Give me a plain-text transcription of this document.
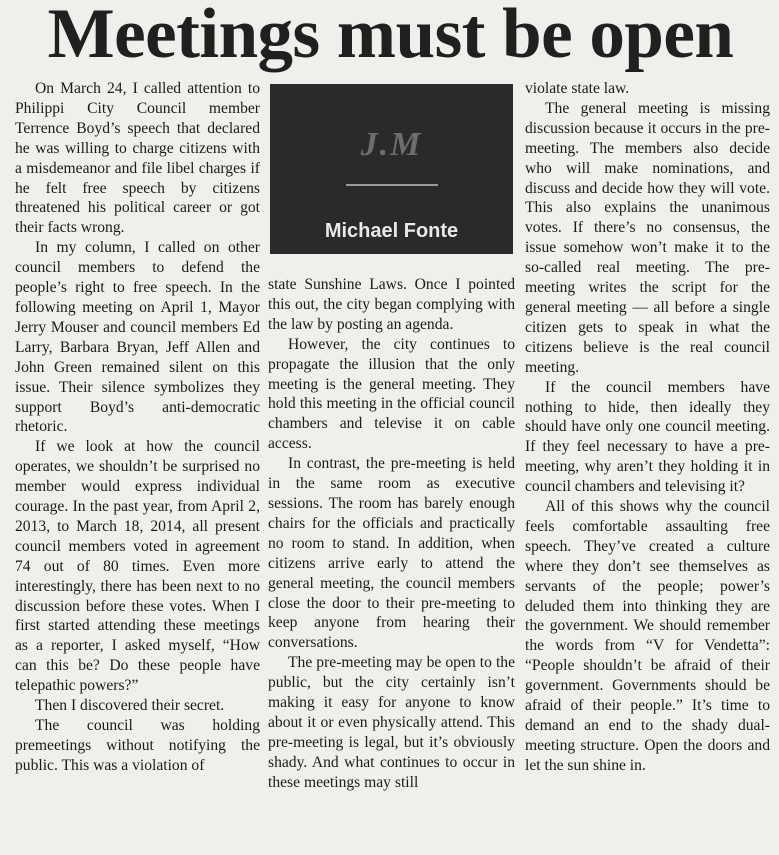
Meetings must be open
J.M
Michael Fonte

On March 24, I called attention to Philippi City Council member Terrence Boyd’s speech that declared he was willing to charge citizens with a misdemeanor and file libel charges if he felt free speech by citizens threatened his political career or got their facts wrong.

In my column, I called on other council members to defend the people’s right to free speech. In the following meeting on April 1, Mayor Jerry Mouser and council members Ed Larry, Barbara Bryan, Jeff Allen and John Green remained silent on this issue. Their silence symbolizes they support Boyd’s anti-democratic rhetoric.

If we look at how the council operates, we shouldn’t be surprised no member would express individual courage. In the past year, from April 2, 2013, to March 18, 2014, all present council members voted in agreement 74 out of 80 times. Even more interestingly, there has been next to no discussion before these votes. When I first started attending these meetings as a reporter, I asked myself, “How can this be? Do these people have telepathic powers?”

Then I discovered their secret.

The council was holding premeetings without notifying the public. This was a violation of

state Sunshine Laws. Once I pointed this out, the city began complying with the law by posting an agenda.

However, the city continues to propagate the illusion that the only meeting is the general meeting. They hold this meeting in the official council chambers and televise it on cable access.

In contrast, the pre-meeting is held in the same room as executive sessions. The room has barely enough chairs for the officials and practically no room to stand. In addition, when citizens arrive early to attend the general meeting, the council members close the door to their pre-meeting to keep anyone from hearing their conversations.

The pre-meeting may be open to the public, but the city certainly isn’t making it easy for anyone to know about it or even physically attend. This pre-meeting is legal, but it’s obviously shady. And what continues to occur in these meetings may still

violate state law.

The general meeting is missing discussion because it occurs in the pre-meeting. The members also decide who will make nominations, and discuss and decide how they will vote. This also explains the unanimous votes. If there’s no consensus, the issue somehow won’t make it to the so-called real meeting. The pre-meeting writes the script for the general meeting — all before a single citizen gets to speak in what the citizens believe is the real council meeting.

If the council members have nothing to hide, then ideally they should have only one council meeting. If they feel necessary to have a pre-meeting, why aren’t they holding it in council chambers and televising it?

All of this shows why the council feels comfortable assaulting free speech. They’ve created a culture where they don’t see themselves as servants of the people; power’s deluded them into thinking they are the government. We should remember the words from “V for Vendetta”: “People shouldn’t be afraid of their government. Governments should be afraid of their people.” It’s time to demand an end to the shady dual-meeting structure. Open the doors and let the sun shine in.
